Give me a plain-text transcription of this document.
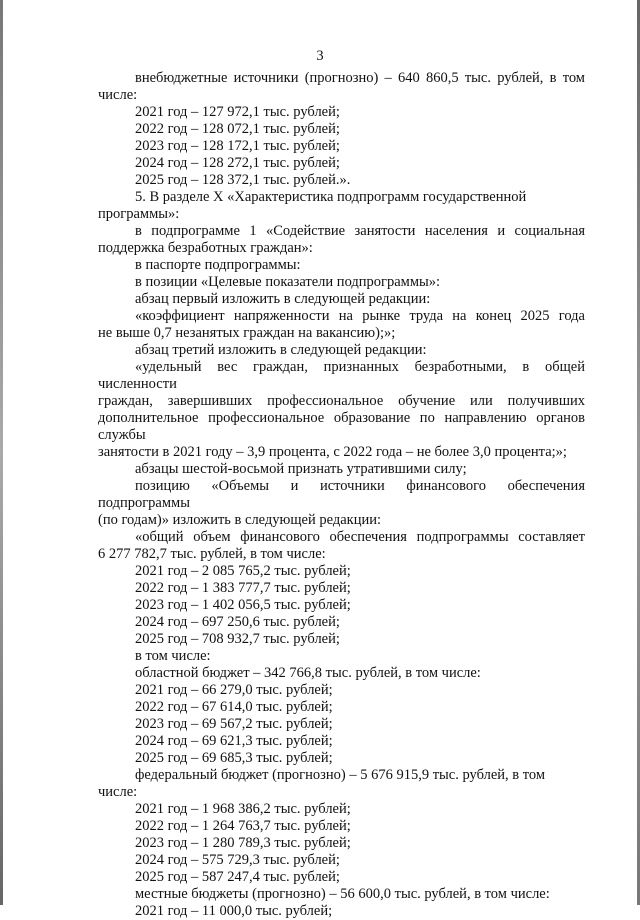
3

внебюджетные источники (прогнозно) – 640 860,5 тыс. рублей, в том

числе:

2021 год – 127 972,1 тыс. рублей;

2022 год – 128 072,1 тыс. рублей;

2023 год – 128 172,1 тыс. рублей;

2024 год – 128 272,1 тыс. рублей;

2025 год – 128 372,1 тыс. рублей.».

5. В разделе X «Характеристика подпрограмм государственной программы»:

в подпрограмме 1 «Содействие занятости населения и социальная

поддержка безработных граждан»:

в паспорте подпрограммы:

в позиции «Целевые показатели подпрограммы»:

абзац первый изложить в следующей редакции:

«коэффициент напряженности на рынке труда на конец 2025 года

не выше 0,7 незанятых граждан на вакансию);»;

абзац третий изложить в следующей редакции:

«удельный вес граждан, признанных безработными, в общей численности

граждан, завершивших профессиональное обучение или получивших

дополнительное профессиональное образование по направлению органов службы

занятости в 2021 году – 3,9 процента, с 2022 года – не более 3,0 процента;»;

абзацы шестой-восьмой признать утратившими силу;

позицию «Объемы и источники финансового обеспечения подпрограммы

(по годам)» изложить в следующей редакции:

«общий объем финансового обеспечения подпрограммы составляет

6 277 782,7 тыс. рублей, в том числе:

2021 год – 2 085 765,2 тыс. рублей;

2022 год – 1 383 777,7 тыс. рублей;

2023 год – 1 402 056,5 тыс. рублей;

2024 год – 697 250,6 тыс. рублей;

2025 год – 708 932,7 тыс. рублей;

в том числе:

областной бюджет – 342 766,8 тыс. рублей, в том числе:

2021 год – 66 279,0 тыс. рублей;

2022 год – 67 614,0 тыс. рублей;

2023 год – 69 567,2 тыс. рублей;

2024 год – 69 621,3 тыс. рублей;

2025 год – 69 685,3 тыс. рублей;

федеральный бюджет (прогнозно) – 5 676 915,9 тыс. рублей, в том числе:

2021 год – 1 968 386,2 тыс. рублей;

2022 год – 1 264 763,7 тыс. рублей;

2023 год – 1 280 789,3 тыс. рублей;

2024 год – 575 729,3 тыс. рублей;

2025 год – 587 247,4 тыс. рублей;

местные бюджеты (прогнозно) – 56 600,0 тыс. рублей, в том числе:

2021 год – 11 000,0 тыс. рублей;
